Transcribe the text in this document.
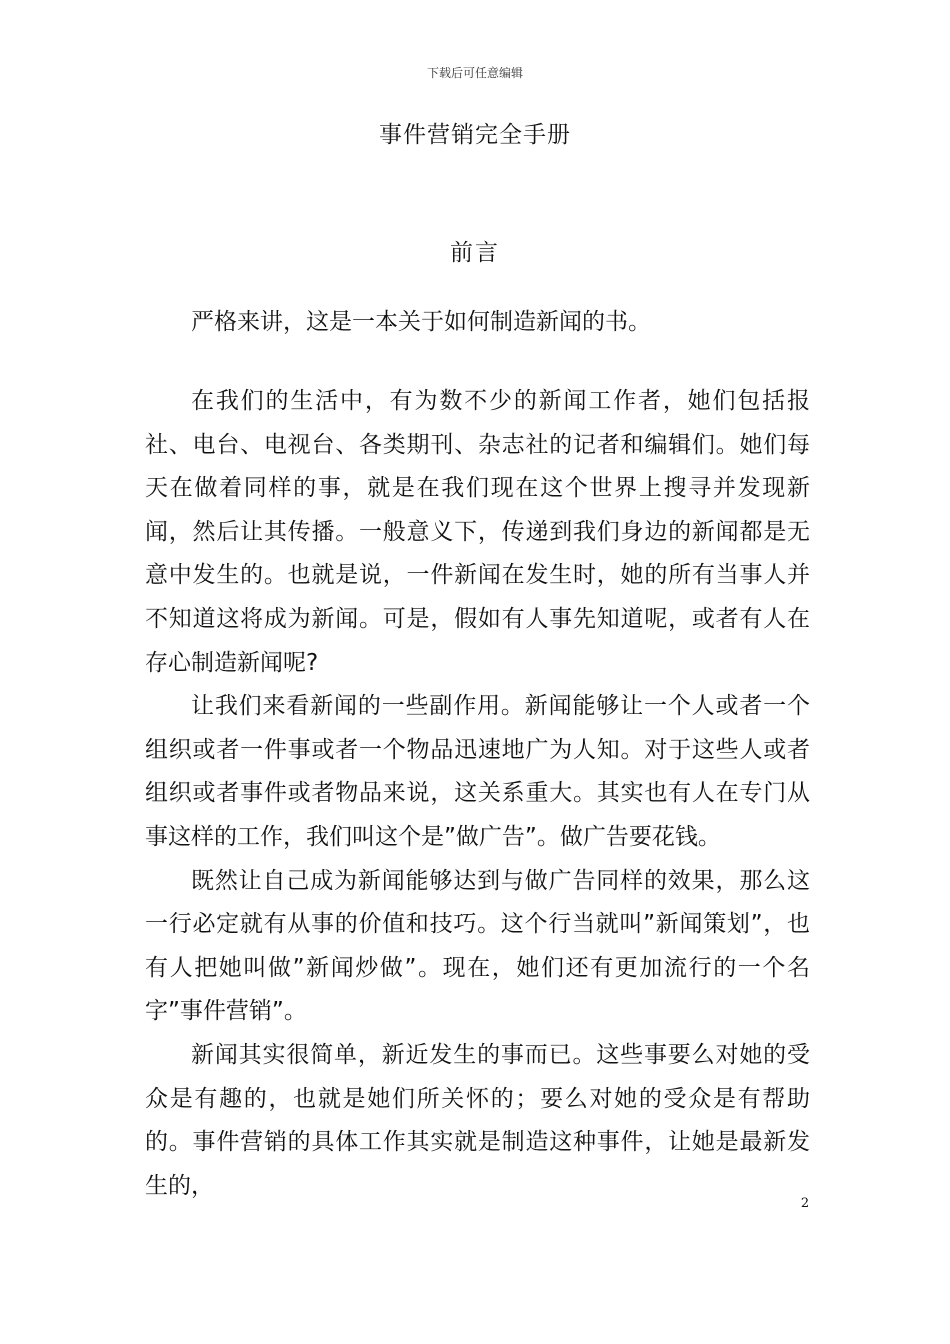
下载后可任意编辑
事件营销完全手册
前言

严格来讲，这是一本关于如何制造新闻的书。

在我们的生活中，有为数不少的新闻工作者，她们包括报社、电台、电视台、各类期刊、杂志社的记者和编辑们。她们每天在做着同样的事，就是在我们现在这个世界上搜寻并发现新闻，然后让其传播。一般意义下，传递到我们身边的新闻都是无意中发生的。也就是说，一件新闻在发生时，她的所有当事人并不知道这将成为新闻。可是，假如有人事先知道呢，或者有人在存心制造新闻呢?

让我们来看新闻的一些副作用。新闻能够让一个人或者一个组织或者一件事或者一个物品迅速地广为人知。对于这些人或者组织或者事件或者物品来说，这关系重大。其实也有人在专门从事这样的工作，我们叫这个是”做广告”。做广告要花钱。

既然让自己成为新闻能够达到与做广告同样的效果，那么这一行必定就有从事的价值和技巧。这个行当就叫”新闻策划”，也有人把她叫做”新闻炒做”。现在，她们还有更加流行的一个名字”事件营销”。

新闻其实很简单，新近发生的事而已。这些事要么对她的受众是有趣的，也就是她们所关怀的；要么对她的受众是有帮助的。事件营销的具体工作其实就是制造这种事件，让她是最新发生的，

2
